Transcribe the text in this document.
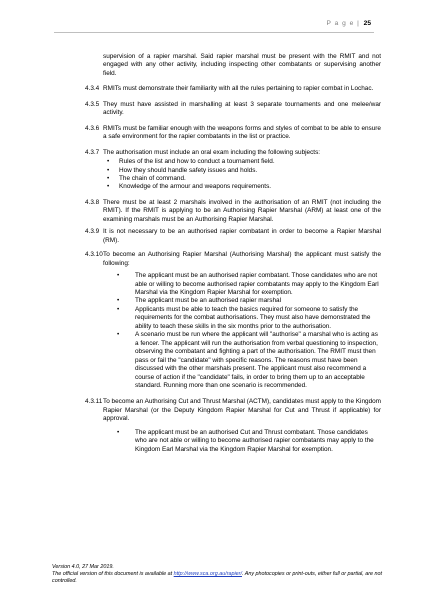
P a g e | 25

supervision of a rapier marshal. Said rapier marshal must be present with the RMIT and not engaged with any other activity, including inspecting other combatants or supervising another field.

4.3.4 RMITs must demonstrate their familiarity with all the rules pertaining to rapier combat in Lochac.

4.3.5 They must have assisted in marshalling at least 3 separate tournaments and one melee/war activity.

4.3.6 RMITs must be familiar enough with the weapons forms and styles of combat to be able to ensure a safe environment for the rapier combatants in the list or practice.

4.3.7 The authorisation must include an oral exam including the following subjects:

• Rules of the list and how to conduct a tournament field.
• How they should handle safety issues and holds.
• The chain of command.
• Knowledge of the armour and weapons requirements.
4.3.8 There must be at least 2 marshals involved in the authorisation of an RMIT (not including the RMIT). If the RMIT is applying to be an Authorising Rapier Marshal (ARM) at least one of the examining marshals must be an Authorising Rapier Marshal.

4.3.9 It is not necessary to be an authorised rapier combatant in order to become a Rapier Marshal (RM).

4.3.10 To become an Authorising Rapier Marshal (Authorising Marshal) the applicant must satisfy the following:

• The applicant must be an authorised rapier combatant. Those candidates who are not able or willing to become authorised rapier combatants may apply to the Kingdom Earl Marshal via the Kingdom Rapier Marshal for exemption.
• The applicant must be an authorised rapier marshal
• Applicants must be able to teach the basics required for someone to satisfy the requirements for the combat authorisations. They must also have demonstrated the ability to teach these skills in the six months prior to the authorisation.
• A scenario must be run where the applicant will "authorise" a marshal who is acting as a fencer. The applicant will run the authorisation from verbal questioning to inspection, observing the combatant and fighting a part of the authorisation. The RMIT must then pass or fail the "candidate" with specific reasons. The reasons must have been discussed with the other marshals present. The applicant must also recommend a course of action if the "candidate" fails, in order to bring them up to an acceptable standard. Running more than one scenario is recommended.
4.3.11 To become an Authorising Cut and Thrust Marshal (ACTM), candidates must apply to the Kingdom Rapier Marshal (or the Deputy Kingdom Rapier Marshal for Cut and Thrust if applicable) for approval.

• The applicant must be an authorised Cut and Thrust combatant. Those candidates who are not able or willing to become authorised rapier combatants may apply to the Kingdom Earl Marshal via the Kingdom Rapier Marshal for exemption.
Version 4.0, 27 Mar 2019.
The official version of this document is available at http://www.sca.org.au/rapier/. Any photocopies or print-outs, either full or partial, are not controlled.
